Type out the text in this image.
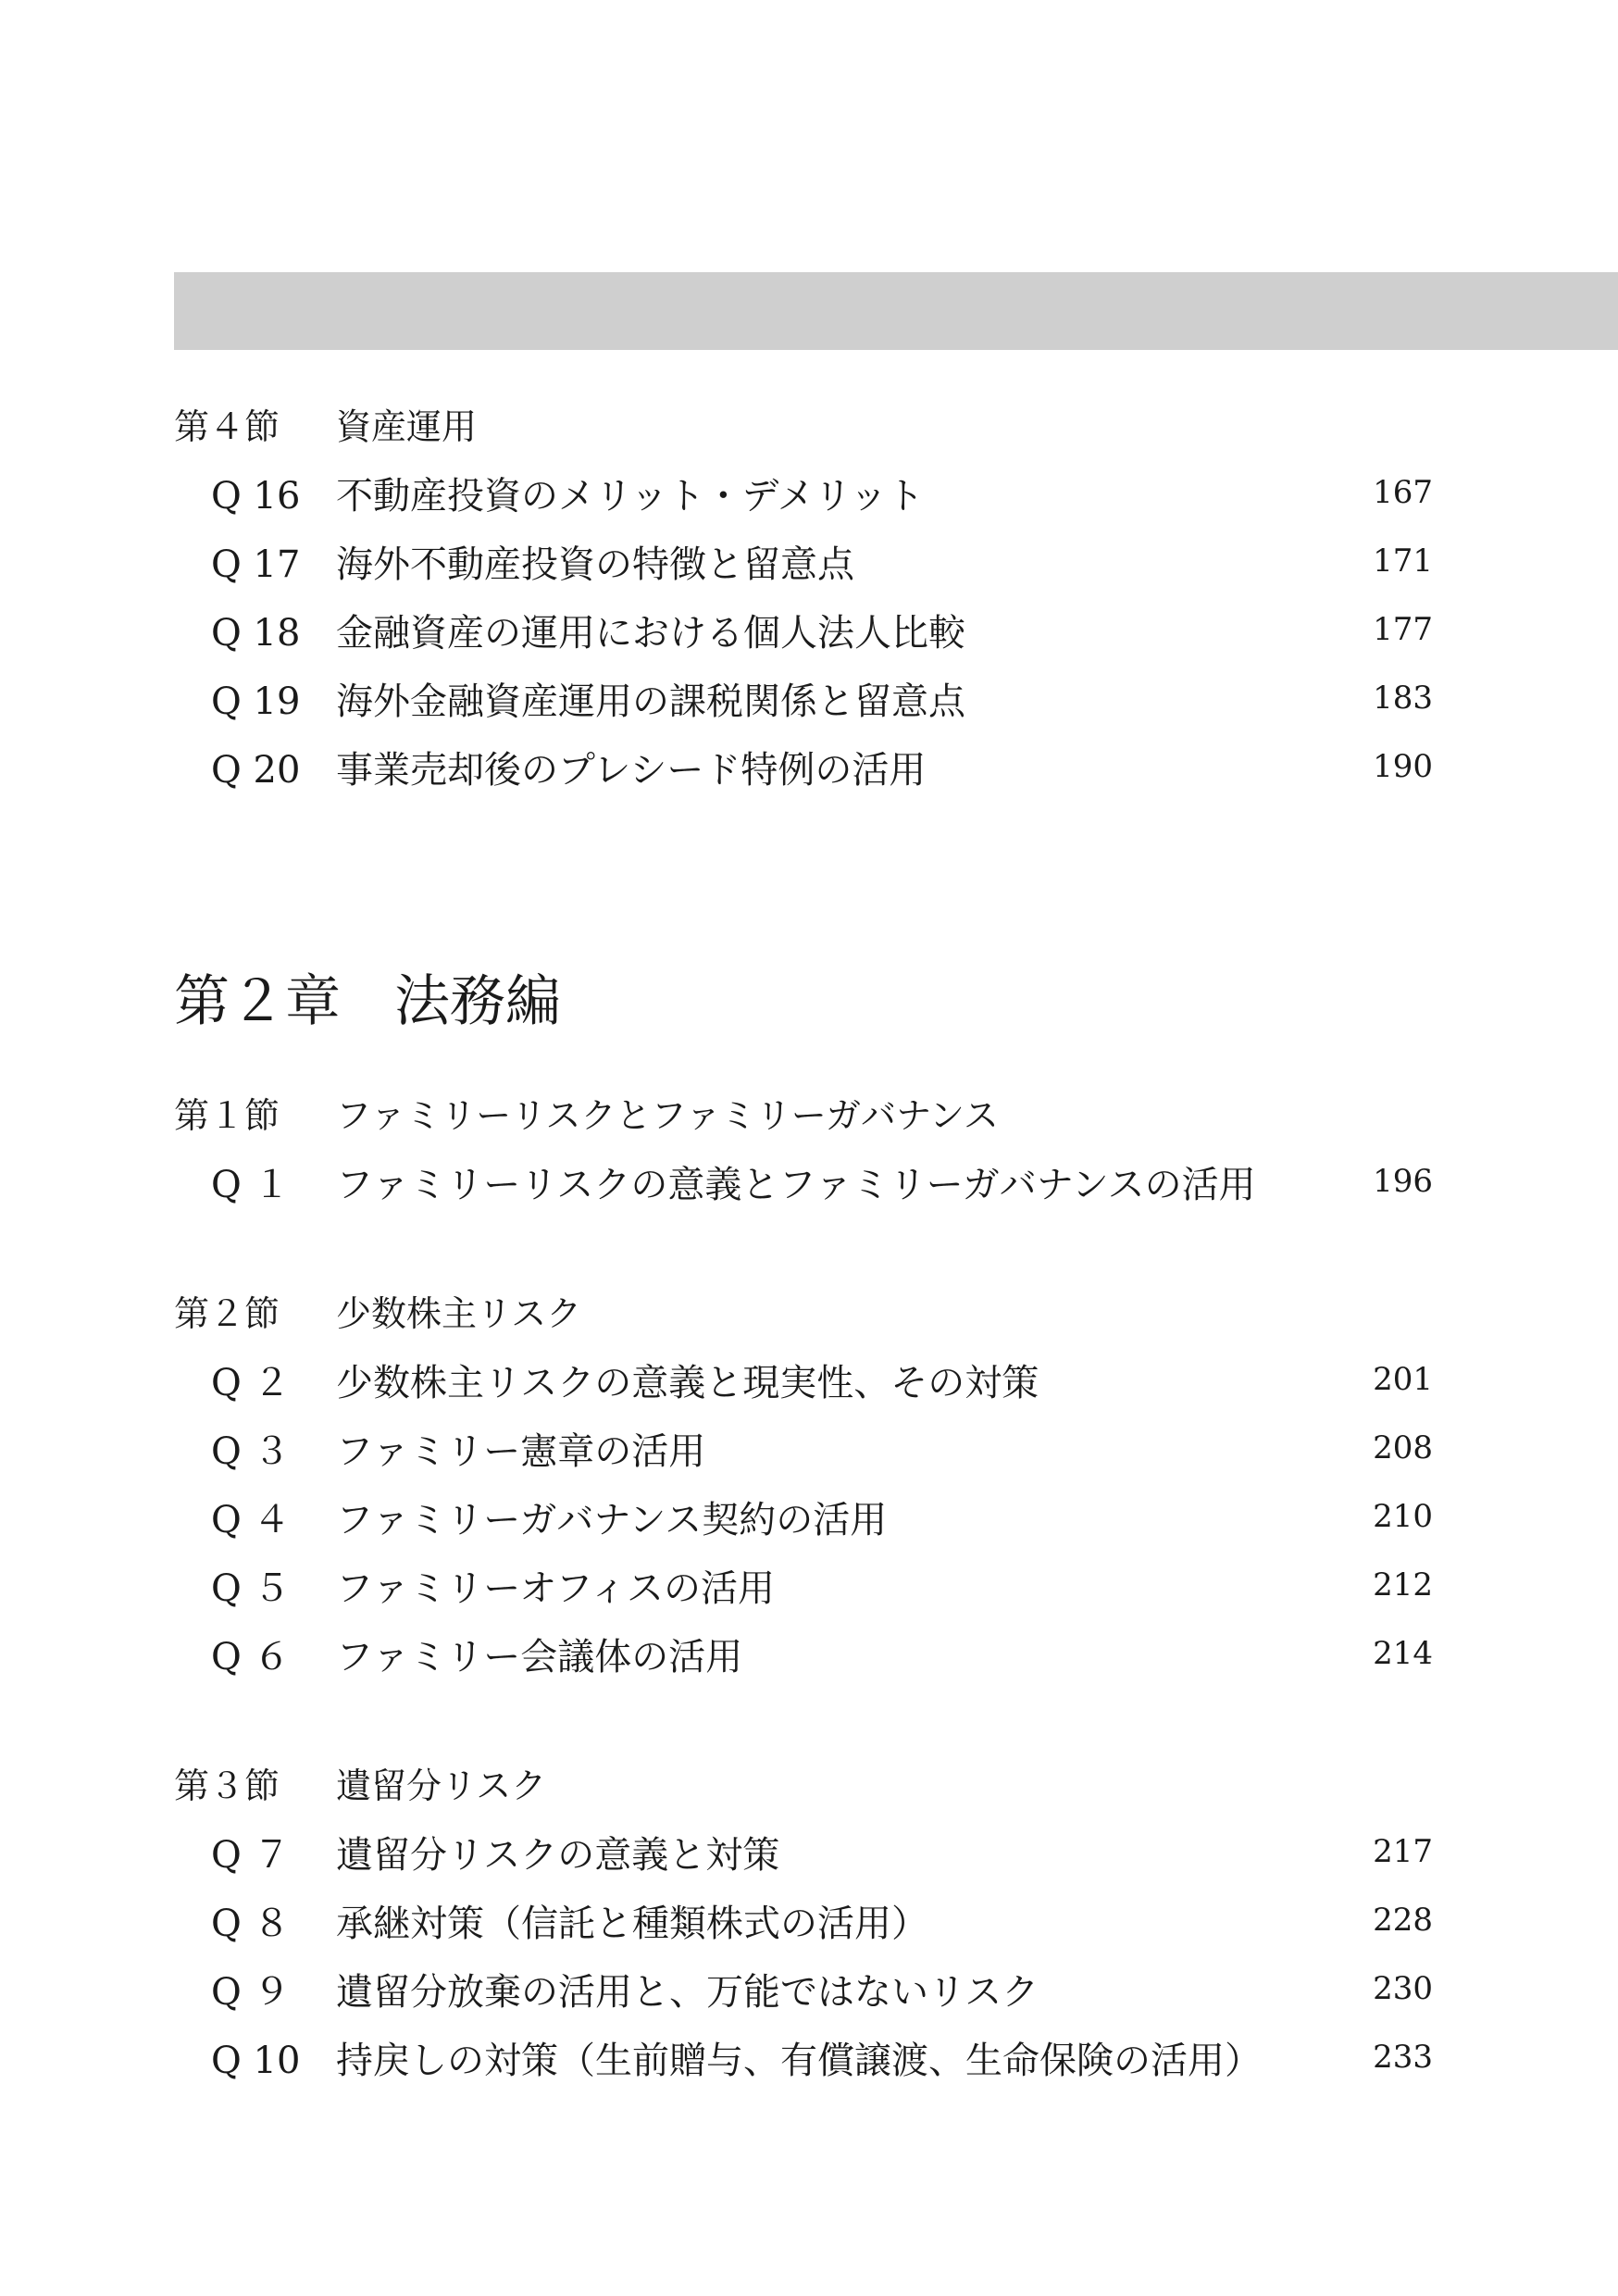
第４節	資産運用
Q 16 不動産投資のメリット・デメリット	167
Q 17 海外不動産投資の特徴と留意点	171
Q 18 金融資産の運用における個人法人比較	177
Q 19 海外金融資産運用の課税関係と留意点	183
Q 20 事業売却後のプレシード特例の活用	190
第２章 法務編
第１節	ファミリーリスクとファミリーガバナンス
Q １	ファミリーリスクの意義とファミリーガバナンスの活用	196
第２節	少数株主リスク
Q ２	少数株主リスクの意義と現実性、その対策	201
Q ３	ファミリー憲章の活用	208
Q ４	ファミリーガバナンス契約の活用	210
Q ５	ファミリーオフィスの活用	212
Q ６	ファミリー会議体の活用	214
第３節	遺留分リスク
Q ７	遺留分リスクの意義と対策	217
Q ８	承継対策（信託と種類株式の活用）	228
Q ９	遺留分放棄の活用と、万能ではないリスク	230
Q 10 持戻しの対策（生前贈与、有償譲渡、生命保険の活用）	233
